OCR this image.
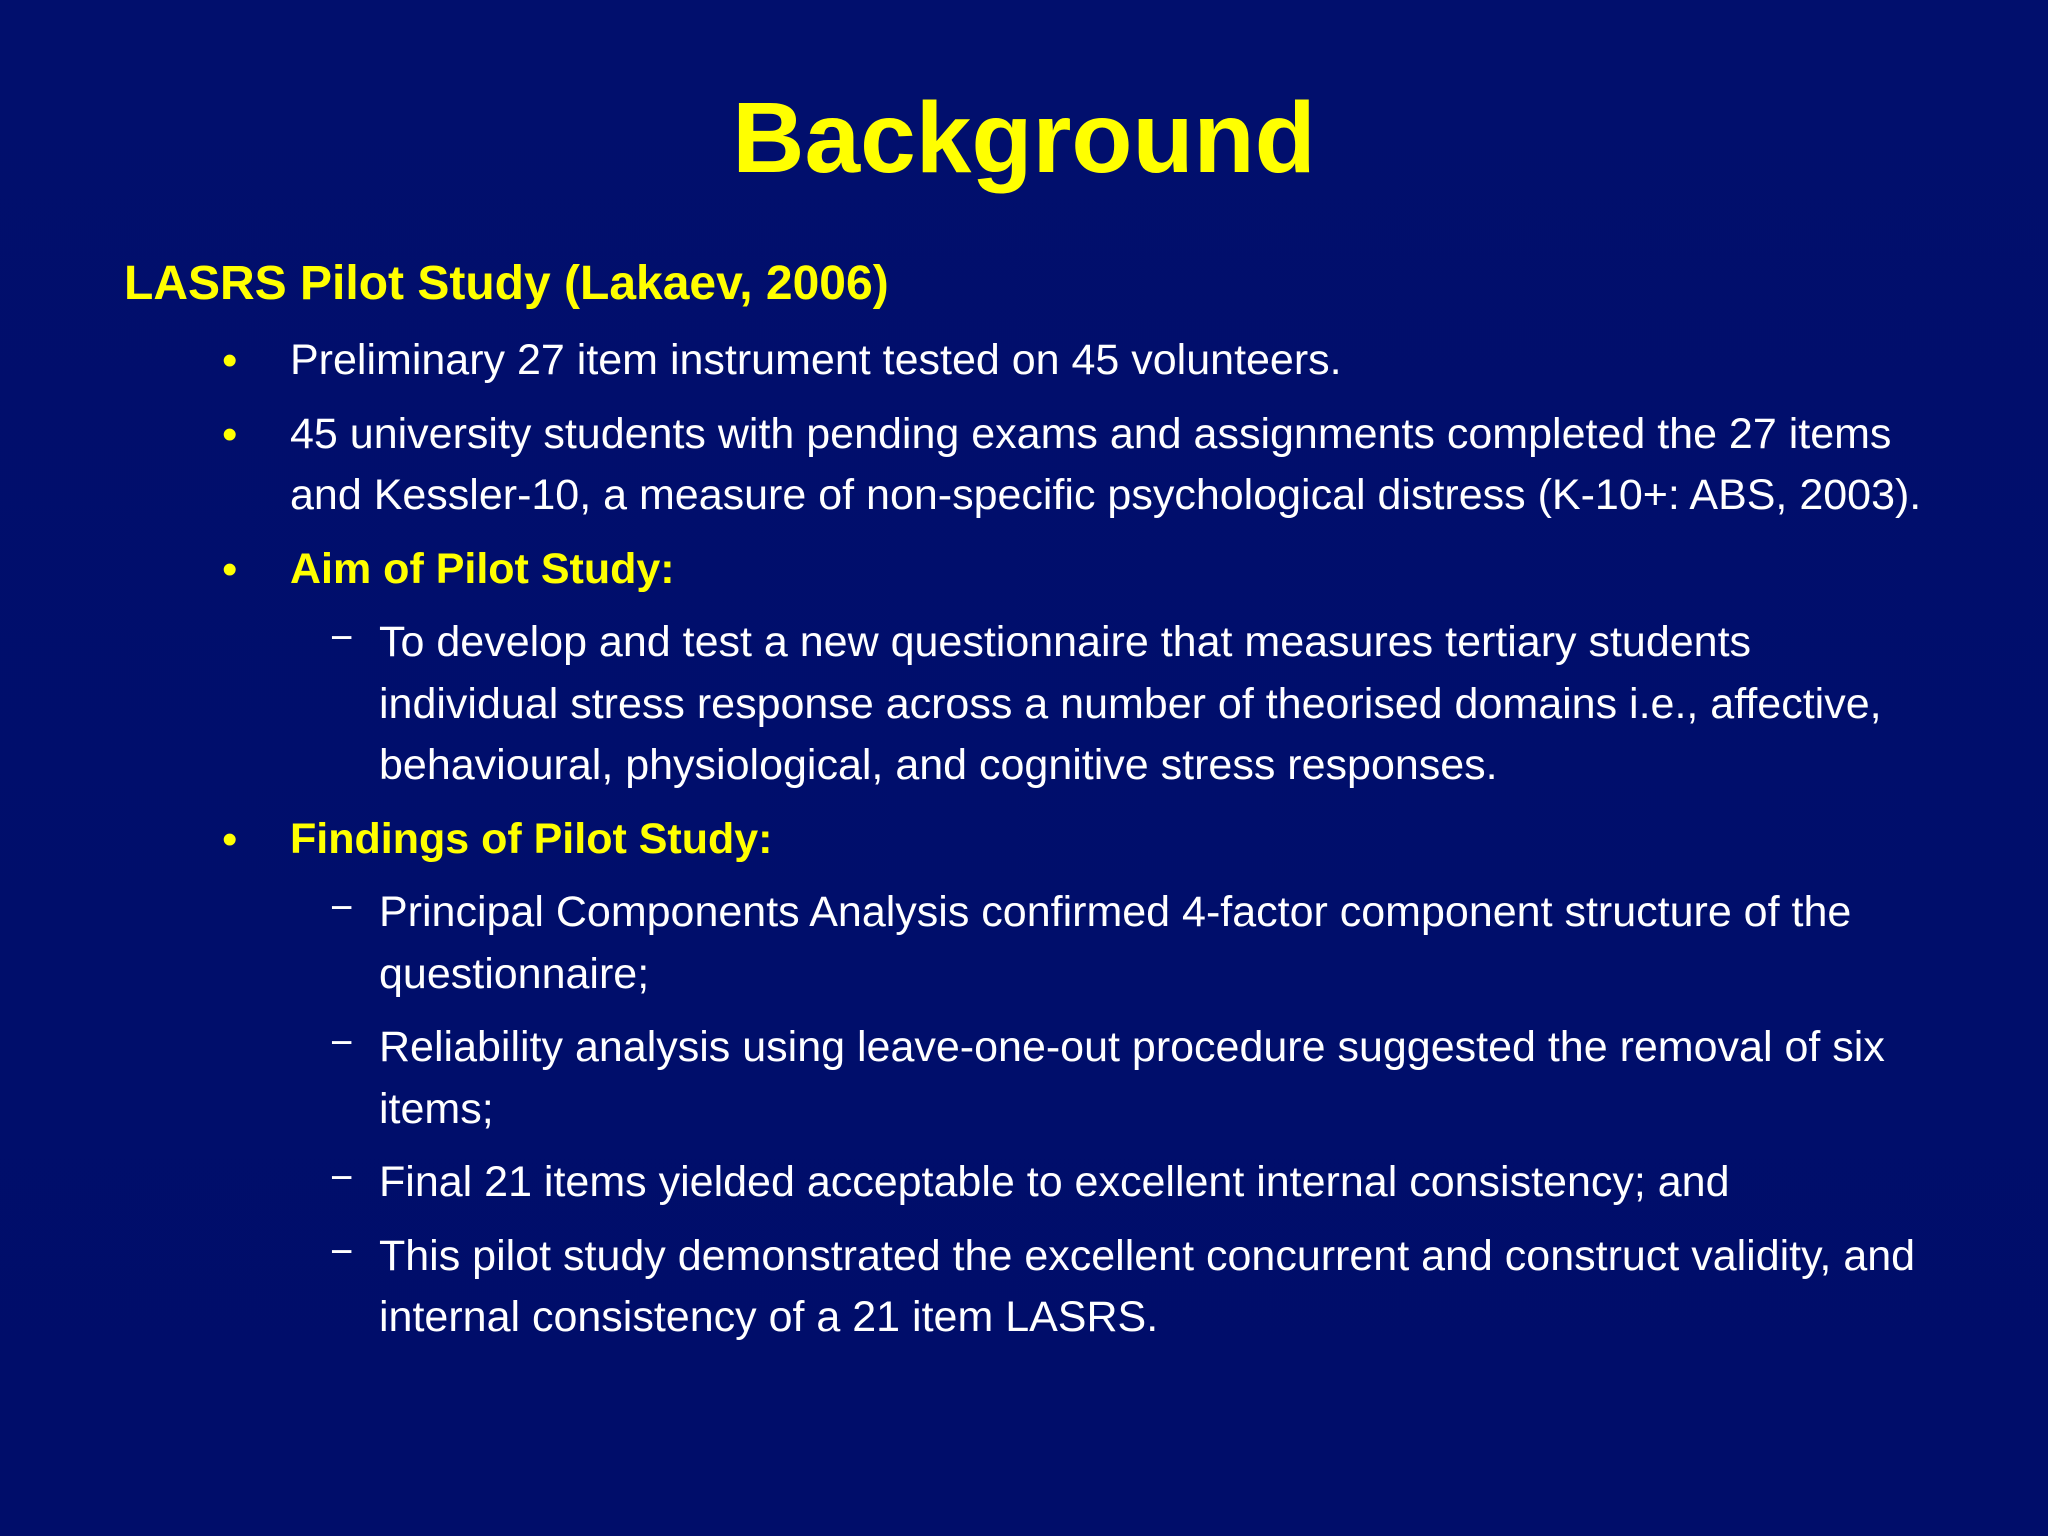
Background
LASRS Pilot Study (Lakaev, 2006)
• Preliminary 27 item instrument tested on 45 volunteers.
• 45 university students with pending exams and assignments completed the 27 items and Kessler-10, a measure of non-specific psychological distress (K-10+: ABS, 2003).
• Aim of Pilot Study:
− To develop and test a new questionnaire that measures tertiary students individual stress response across a number of theorised domains i.e., affective, behavioural, physiological, and cognitive stress responses.
• Findings of Pilot Study:
− Principal Components Analysis confirmed 4-factor component structure of the questionnaire;
− Reliability analysis using leave-one-out procedure suggested the removal of six items;
− Final 21 items yielded acceptable to excellent internal consistency; and
− This pilot study demonstrated the excellent concurrent and construct validity, and internal consistency of a 21 item LASRS.
